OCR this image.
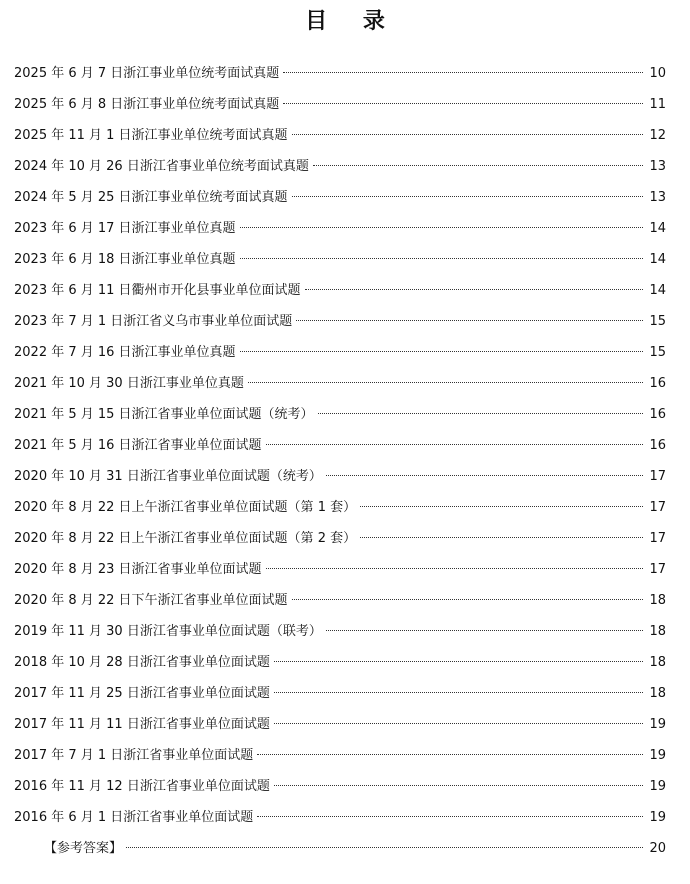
目 录
2025 年 6 月 7 日浙江事业单位统考面试真题	10
2025 年 6 月 8 日浙江事业单位统考面试真题	11
2025 年 11 月 1 日浙江事业单位统考面试真题	12
2024 年 10 月 26 日浙江省事业单位统考面试真题	13
2024 年 5 月 25 日浙江事业单位统考面试真题	13
2023 年 6 月 17 日浙江事业单位真题	14
2023 年 6 月 18 日浙江事业单位真题	14
2023 年 6 月 11 日衢州市开化县事业单位面试题	14
2023 年 7 月 1 日浙江省义乌市事业单位面试题	15
2022 年 7 月 16 日浙江事业单位真题	15
2021 年 10 月 30 日浙江事业单位真题	16
2021 年 5 月 15 日浙江省事业单位面试题（统考）	16
2021 年 5 月 16 日浙江省事业单位面试题	16
2020 年 10 月 31 日浙江省事业单位面试题（统考）	17
2020 年 8 月 22 日上午浙江省事业单位面试题（第 1 套）	17
2020 年 8 月 22 日上午浙江省事业单位面试题（第 2 套）	17
2020 年 8 月 23 日浙江省事业单位面试题	17
2020 年 8 月 22 日下午浙江省事业单位面试题	18
2019 年 11 月 30 日浙江省事业单位面试题（联考）	18
2018 年 10 月 28 日浙江省事业单位面试题	18
2017 年 11 月 25 日浙江省事业单位面试题	18
2017 年 11 月 11 日浙江省事业单位面试题	19
2017 年 7 月 1 日浙江省事业单位面试题	19
2016 年 11 月 12 日浙江省事业单位面试题	19
2016 年 6 月 1 日浙江省事业单位面试题	19
【参考答案】	20
